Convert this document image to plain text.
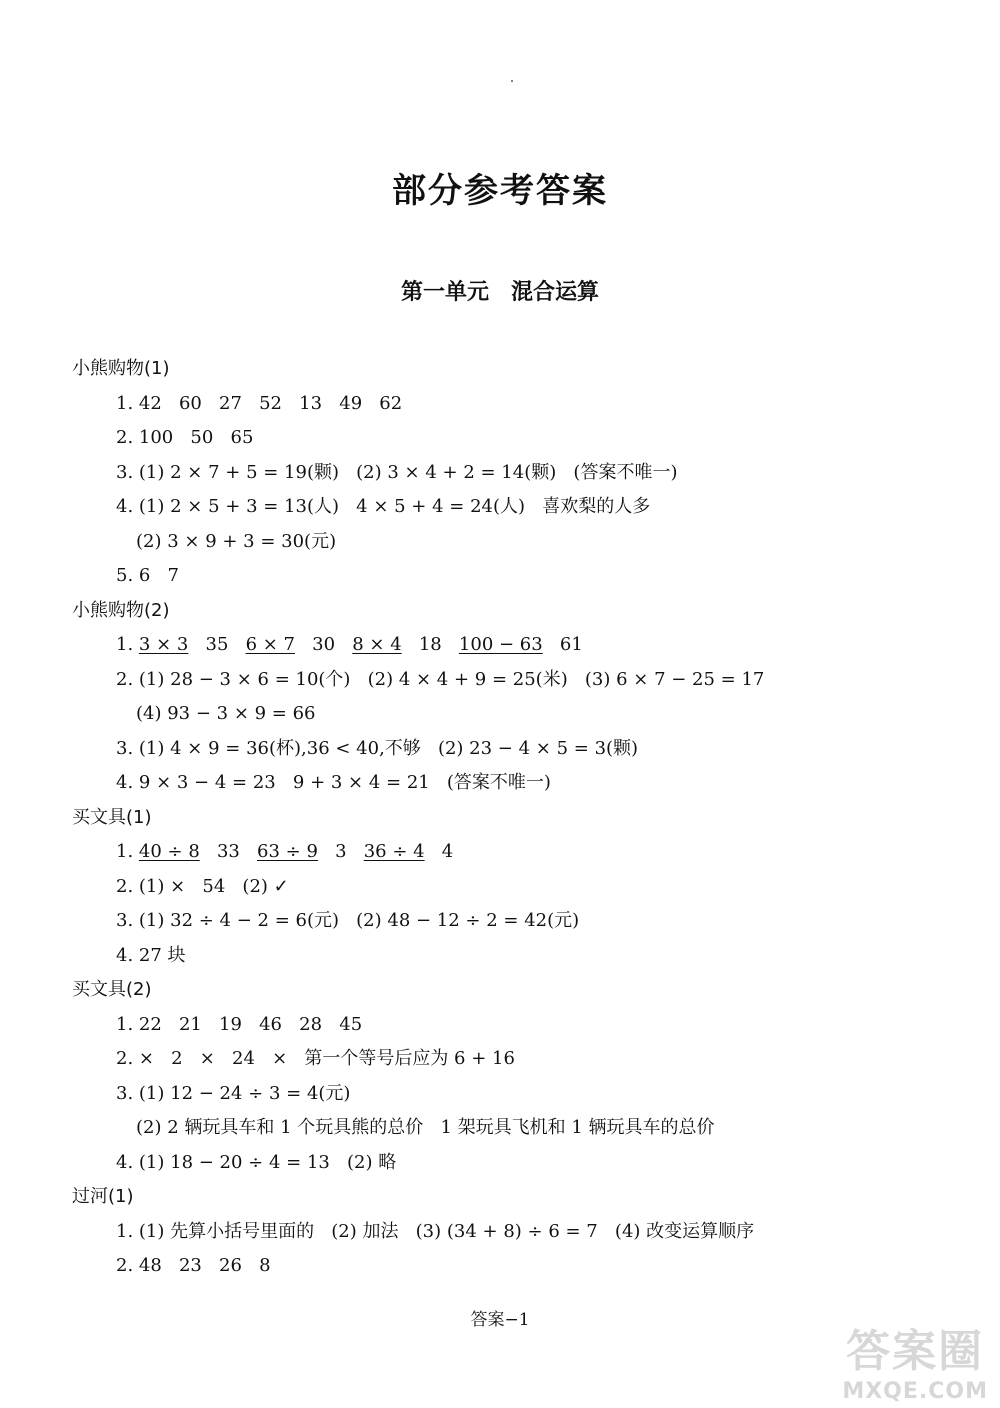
部分参考答案
第一单元　混合运算
小熊购物(1)
1. 42   60   27   52   13   49   62
2. 100   50   65
3. (1) 2 × 7 + 5 = 19(颗)   (2) 3 × 4 + 2 = 14(颗)   (答案不唯一)
4. (1) 2 × 5 + 3 = 13(人)   4 × 5 + 4 = 24(人)   喜欢梨的人多
(2) 3 × 9 + 3 = 30(元)
5. 6   7
小熊购物(2)
1. 3 × 3   35   6 × 7   30   8 × 4   18   100 − 63   61
2. (1) 28 − 3 × 6 = 10(个)   (2) 4 × 4 + 9 = 25(米)   (3) 6 × 7 − 25 = 17
(4) 93 − 3 × 9 = 66
3. (1) 4 × 9 = 36(杯),36 < 40,不够   (2) 23 − 4 × 5 = 3(颗)
4. 9 × 3 − 4 = 23   9 + 3 × 4 = 21   (答案不唯一)
买文具(1)
1. 40 ÷ 8   33   63 ÷ 9   3   36 ÷ 4   4
2. (1) ×   54   (2) ✓
3. (1) 32 ÷ 4 − 2 = 6(元)   (2) 48 − 12 ÷ 2 = 42(元)
4. 27 块
买文具(2)
1. 22   21   19   46   28   45
2. ×   2   ×   24   ×   第一个等号后应为 6 + 16
3. (1) 12 − 24 ÷ 3 = 4(元)
(2) 2 辆玩具车和 1 个玩具熊的总价   1 架玩具飞机和 1 辆玩具车的总价
4. (1) 18 − 20 ÷ 4 = 13   (2) 略
过河(1)
1. (1) 先算小括号里面的   (2) 加法   (3) (34 + 8) ÷ 6 = 7   (4) 改变运算顺序
2. 48   23   26   8
答案−1
答案圈
MXQE.COM
